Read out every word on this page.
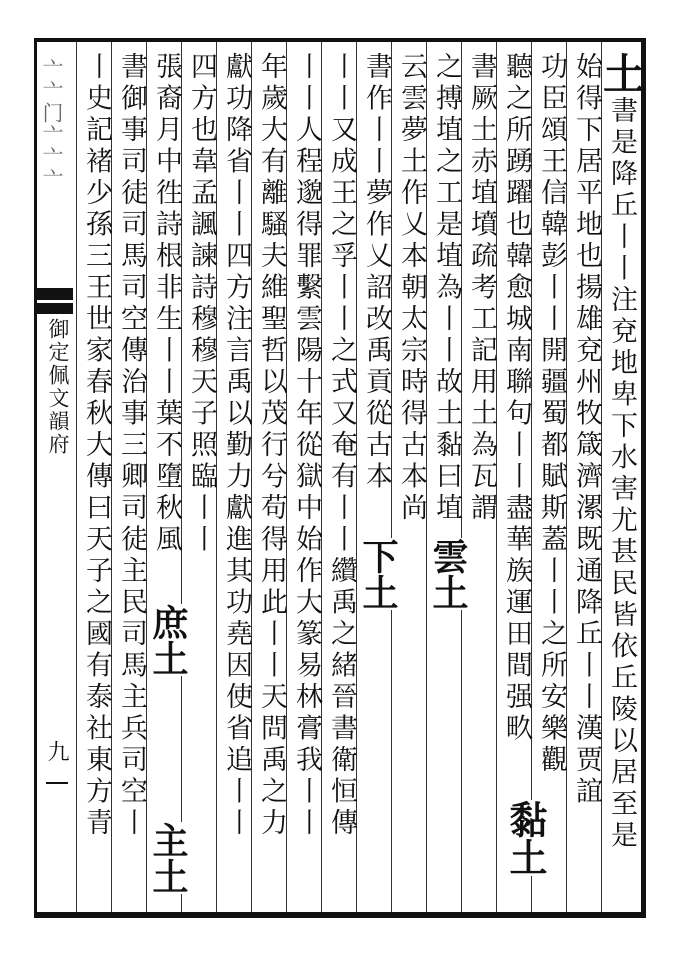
亠亠门亠亠亠
御定佩文韻府
九
土書是降丘丨丨注兗地卑下水害尤甚民皆依丘陵以居至是
始得下居平地也揚雄兗州牧箴濟漯既通降丘丨丨漢贾誼
功臣頌王信韓彭丨丨開疆蜀都賦斯蓋丨丨之所安樂觀
聽之所踴躍也韓愈城南聯句丨丨盡華族運田間强畂
書厥土赤埴墳疏考工記用土為瓦謂
之搏埴之工是埴為丨丨故土黏曰埴
云雲夢土作乂本朝太宗時得古本尚
書作丨丨夢作乂詔改禹貢從古本
丨丨又成王之孚丨丨之式又奄有丨丨纘禹之緒晉書衛恒傳
丨丨人程邈得罪繫雲陽十年從獄中始作大篆易林膏我丨丨
年歲大有離騷夫維聖哲以茂行兮苟得用此丨丨天問禹之力
獻功降省丨丨四方注言禹以勤力獻進其功堯因使省追丨丨
四方也韋孟諷諫詩穆穆天子照臨丨丨
張裔月中徃詩根非生丨丨葉不墮秋風
書御事司徒司馬司空傳治事三卿司徒主民司馬主兵司空丨
丨史記褚少孫三王世家春秋大傳曰天子之國有泰社東方青	黏土
雲土
下土
庶土
主土
